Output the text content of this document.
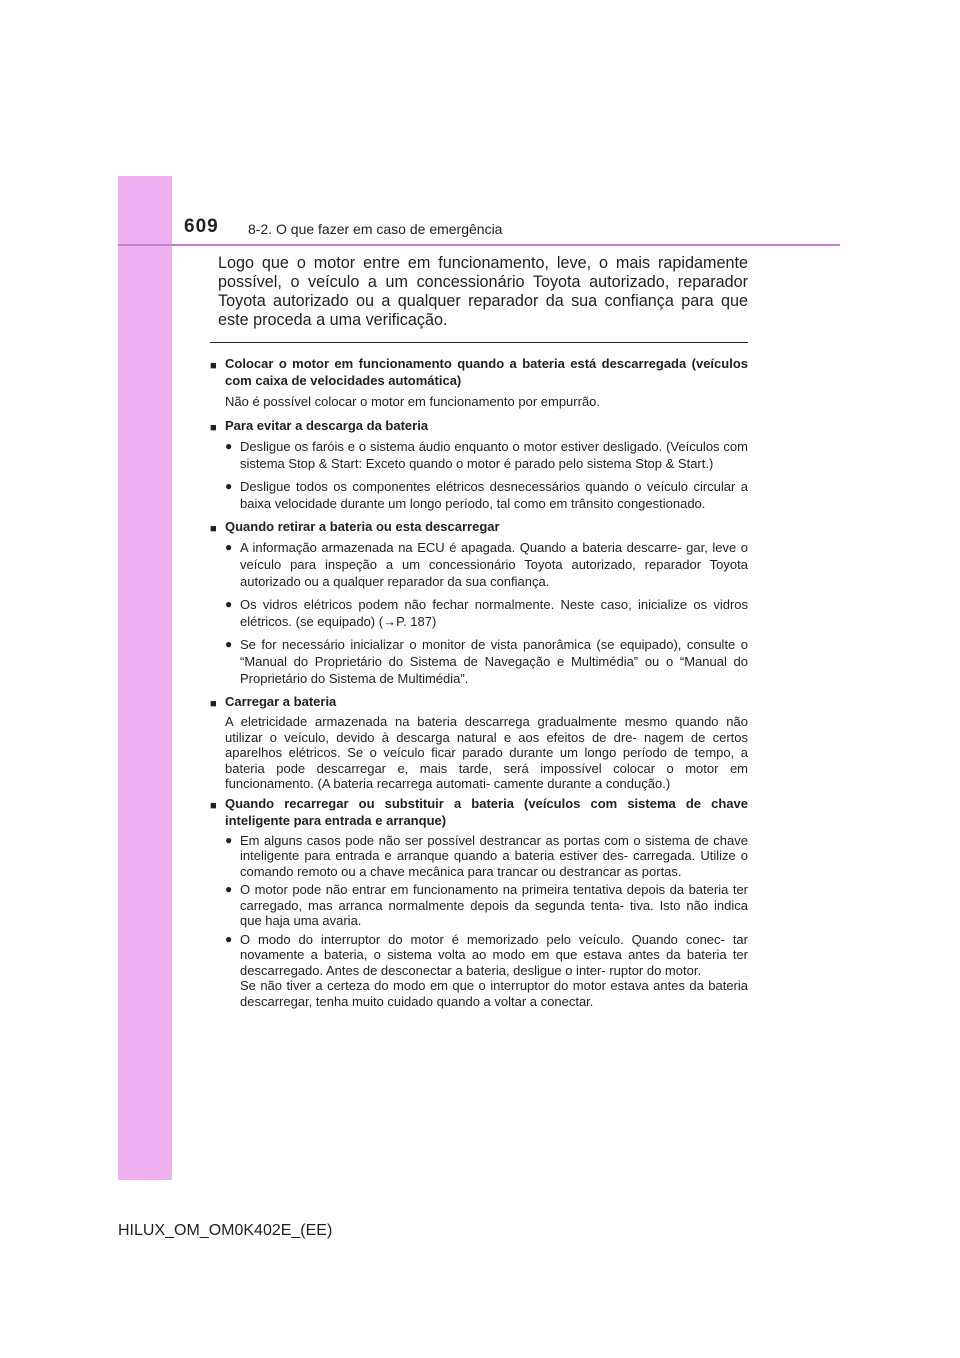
609 8-2. O que fazer em caso de emergência

Logo que o motor entre em funcionamento, leve, o mais rapidamente possível, o veículo a um concessionário Toyota autorizado, reparador Toyota autorizado ou a qualquer reparador da sua confiança para que este proceda a uma verificação.

■ Colocar o motor em funcionamento quando a bateria está descarregada (veículos com caixa de velocidades automática)
Não é possível colocar o motor em funcionamento por empurrão.
■ Para evitar a descarga da bateria
● Desligue os faróis e o sistema áudio enquanto o motor estiver desligado. (Veículos com sistema Stop & Start: Exceto quando o motor é parado pelo sistema Stop & Start.)
● Desligue todos os componentes elétricos desnecessários quando o veículo circular a baixa velocidade durante um longo período, tal como em trânsito congestionado.
■ Quando retirar a bateria ou esta descarregar
● A informação armazenada na ECU é apagada. Quando a bateria descarre- gar, leve o veículo para inspeção a um concessionário Toyota autorizado, reparador Toyota autorizado ou a qualquer reparador da sua confiança.
● Os vidros elétricos podem não fechar normalmente. Neste caso, inicialize os vidros elétricos. (se equipado) (→P. 187)
● Se for necessário inicializar o monitor de vista panorâmica (se equipado), consulte o “Manual do Proprietário do Sistema de Navegação e Multimédia” ou o “Manual do Proprietário do Sistema de Multimédia”.
■ Carregar a bateria
A eletricidade armazenada na bateria descarrega gradualmente mesmo quando não utilizar o veículo, devido à descarga natural e aos efeitos de dre- nagem de certos aparelhos elétricos. Se o veículo ficar parado durante um longo período de tempo, a bateria pode descarregar e, mais tarde, será impossível colocar o motor em funcionamento. (A bateria recarrega automati- camente durante a condução.)
■ Quando recarregar ou substituir a bateria (veículos com sistema de chave inteligente para entrada e arranque)
● Em alguns casos pode não ser possível destrancar as portas com o sistema de chave inteligente para entrada e arranque quando a bateria estiver des- carregada. Utilize o comando remoto ou a chave mecânica para trancar ou destrancar as portas.
● O motor pode não entrar em funcionamento na primeira tentativa depois da bateria ter carregado, mas arranca normalmente depois da segunda tenta- tiva. Isto não indica que haja uma avaria.
● O modo do interruptor do motor é memorizado pelo veículo. Quando conec- tar novamente a bateria, o sistema volta ao modo em que estava antes da bateria ter descarregado. Antes de desconectar a bateria, desligue o inter- ruptor do motor.
Se não tiver a certeza do modo em que o interruptor do motor estava antes da bateria descarregar, tenha muito cuidado quando a voltar a conectar.
HILUX_OM_OM0K402E_(EE)
